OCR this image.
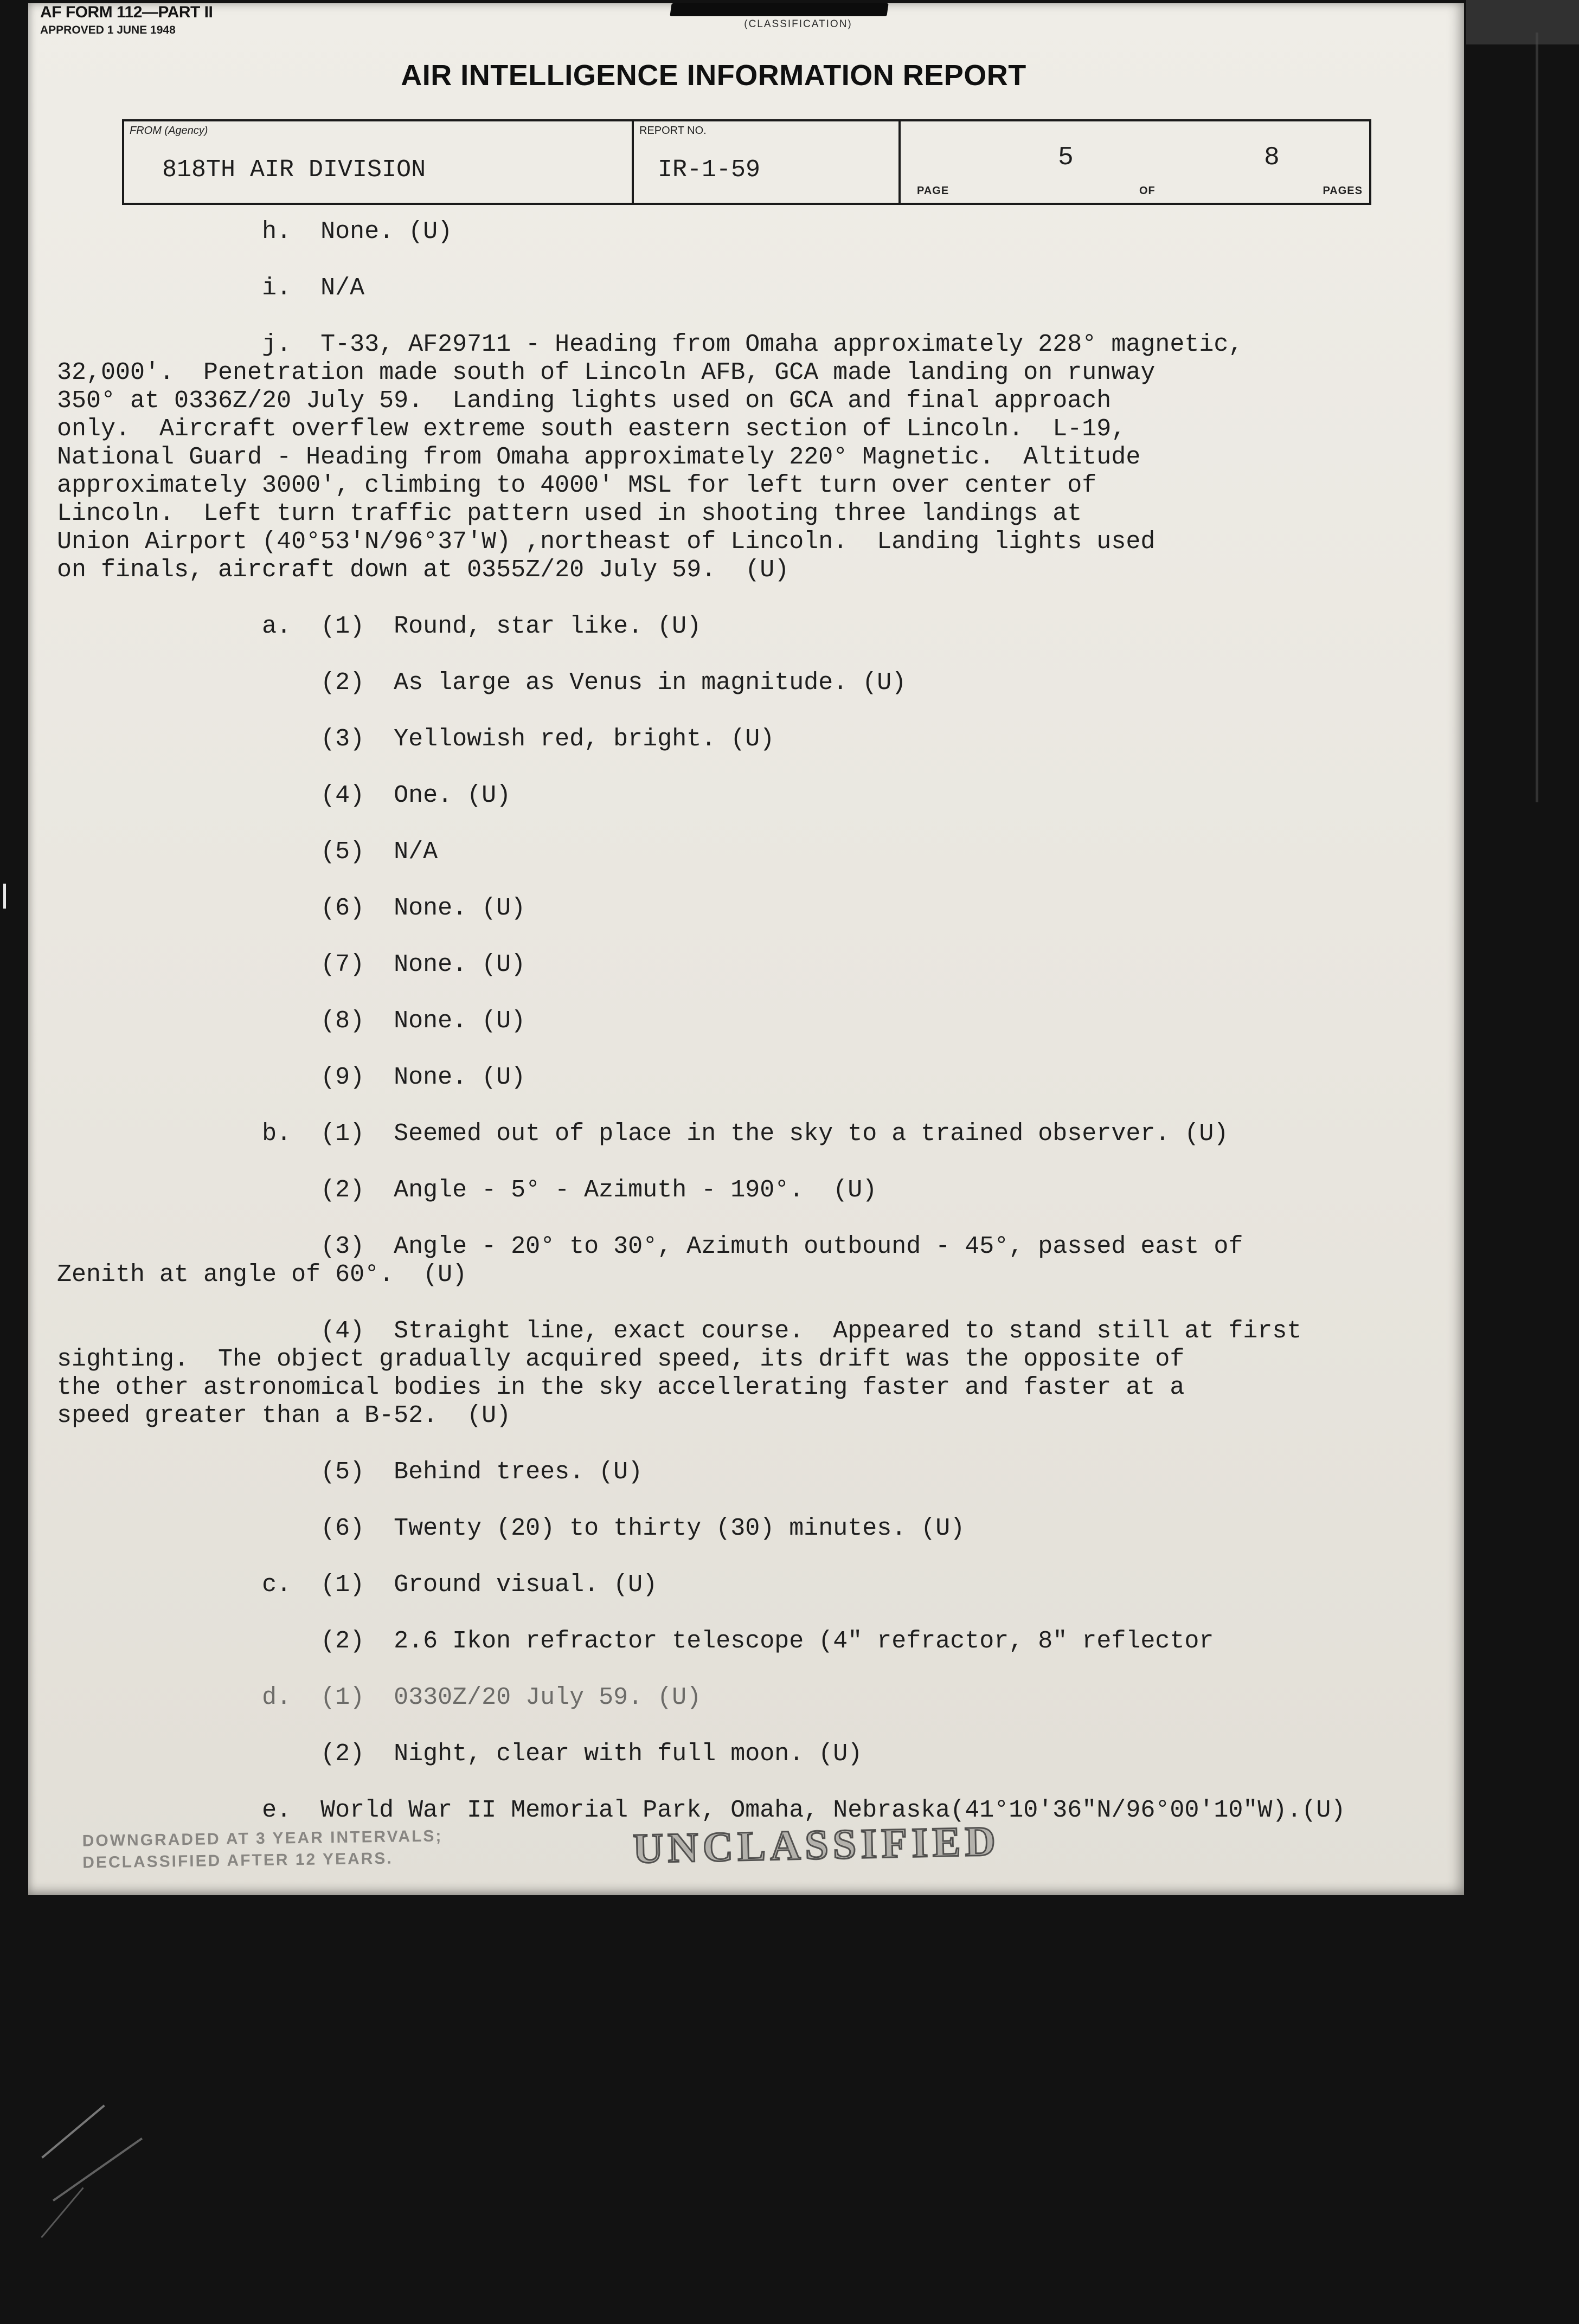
AF FORM 112—PART II
APPROVED 1 JUNE 1948	(CLASSIFICATION)
AIR INTELLIGENCE INFORMATION REPORT
FROM (Agency)
818TH AIR DIVISION
REPORT NO.
IR-1-59
PAGE
5
OF
8
PAGES
h.  None. (U)
i.  N/A
j.  T-33, AF29711 - Heading from Omaha approximately 228° magnetic,
32,000'.  Penetration made south of Lincoln AFB, GCA made landing on runway
350° at 0336Z/20 July 59.  Landing lights used on GCA and final approach
only.  Aircraft overflew extreme south eastern section of Lincoln.  L-19,
National Guard - Heading from Omaha approximately 220° Magnetic.  Altitude
approximately 3000', climbing to 4000' MSL for left turn over center of
Lincoln.  Left turn traffic pattern used in shooting three landings at
Union Airport (40°53'N/96°37'W) ,northeast of Lincoln.  Landing lights used
on finals, aircraft down at 0355Z/20 July 59.  (U)
a.  (1)  Round, star like. (U)
(2)  As large as Venus in magnitude. (U)
(3)  Yellowish red, bright. (U)
(4)  One. (U)
(5)  N/A
(6)  None. (U)
(7)  None. (U)
(8)  None. (U)
(9)  None. (U)
b.  (1)  Seemed out of place in the sky to a trained observer. (U)
(2)  Angle - 5° - Azimuth - 190°.  (U)
(3)  Angle - 20° to 30°, Azimuth outbound - 45°, passed east of
Zenith at angle of 60°.  (U)
(4)  Straight line, exact course.  Appeared to stand still at first
sighting.  The object gradually acquired speed, its drift was the opposite of
the other astronomical bodies in the sky accellerating faster and faster at a
speed greater than a B-52.  (U)
(5)  Behind trees. (U)
(6)  Twenty (20) to thirty (30) minutes. (U)
c.  (1)  Ground visual. (U)
(2)  2.6 Ikon refractor telescope (4" refractor, 8" reflector
d.  (1)  0330Z/20 July 59. (U)
(2)  Night, clear with full moon. (U)
e.  World War II Memorial Park, Omaha, Nebraska(41°10'36"N/96°00'10"W).(U)
DOWNGRADED AT 3 YEAR INTERVALS;
DECLASSIFIED AFTER 12 YEARS.	UNCLASSIFIED
